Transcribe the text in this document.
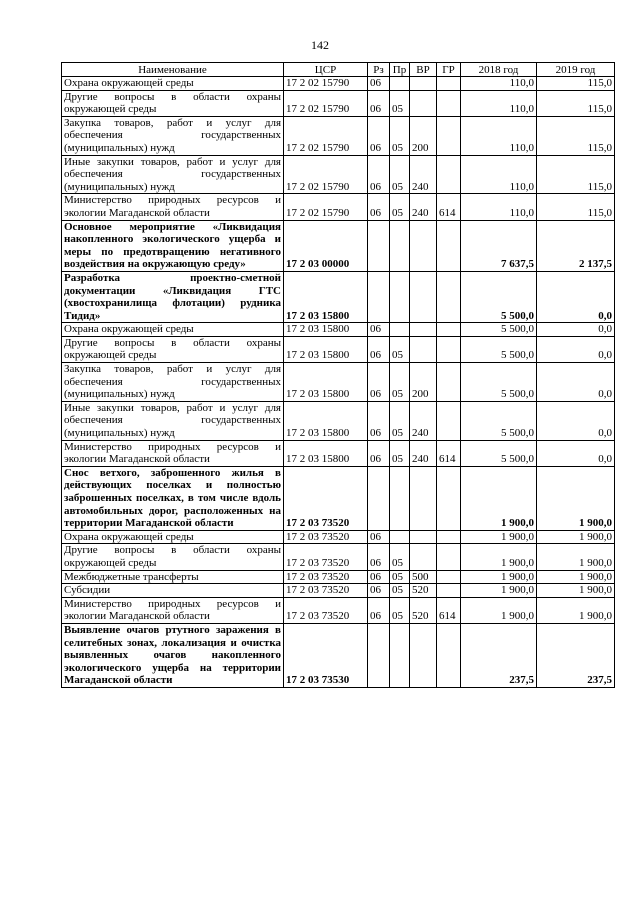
142
Наименование	ЦСР	Рз	Пр	ВР	ГР	2018 год	2019 год
Охрана окружающей среды	17 2 02 15790	06				110,0	115,0
Другие вопросы в области охраны окружающей среды	17 2 02 15790	06	05			110,0	115,0
Закупка товаров, работ и услуг для обеспечения государственных (муниципальных) нужд	17 2 02 15790	06	05	200		110,0	115,0
Иные закупки товаров, работ и услуг для обеспечения государственных (муниципальных) нужд	17 2 02 15790	06	05	240		110,0	115,0
Министерство природных ресурсов и экологии Магаданской области	17 2 02 15790	06	05	240	614	110,0	115,0
Основное мероприятие «Ликвидация накопленного экологического ущерба и меры по предотвращению негативного воздействия на окружающую среду»	17 2 03 00000					7 637,5	2 137,5
Разработка проектно-сметной документации «Ликвидация ГТС (хвостохранилища флотации) рудника Тидид»	17 2 03 15800					5 500,0	0,0
Охрана окружающей среды	17 2 03 15800	06				5 500,0	0,0
Другие вопросы в области охраны окружающей среды	17 2 03 15800	06	05			5 500,0	0,0
Закупка товаров, работ и услуг для обеспечения государственных (муниципальных) нужд	17 2 03 15800	06	05	200		5 500,0	0,0
Иные закупки товаров, работ и услуг для обеспечения государственных (муниципальных) нужд	17 2 03 15800	06	05	240		5 500,0	0,0
Министерство природных ресурсов и экологии Магаданской области	17 2 03 15800	06	05	240	614	5 500,0	0,0
Снос ветхого, заброшенного жилья в действующих поселках и полностью заброшенных поселках, в том числе вдоль автомобильных дорог, расположенных на территории Магаданской области	17 2 03 73520					1 900,0	1 900,0
Охрана окружающей среды	17 2 03 73520	06				1 900,0	1 900,0
Другие вопросы в области охраны окружающей среды	17 2 03 73520	06	05			1 900,0	1 900,0
Межбюджетные трансферты	17 2 03 73520	06	05	500		1 900,0	1 900,0
Субсидии	17 2 03 73520	06	05	520		1 900,0	1 900,0
Министерство природных ресурсов и экологии Магаданской области	17 2 03 73520	06	05	520	614	1 900,0	1 900,0
Выявление очагов ртутного заражения в селитебных зонах, локализация и очистка выявленных очагов накопленного экологического ущерба на территории Магаданской области	17 2 03 73530					237,5	237,5
